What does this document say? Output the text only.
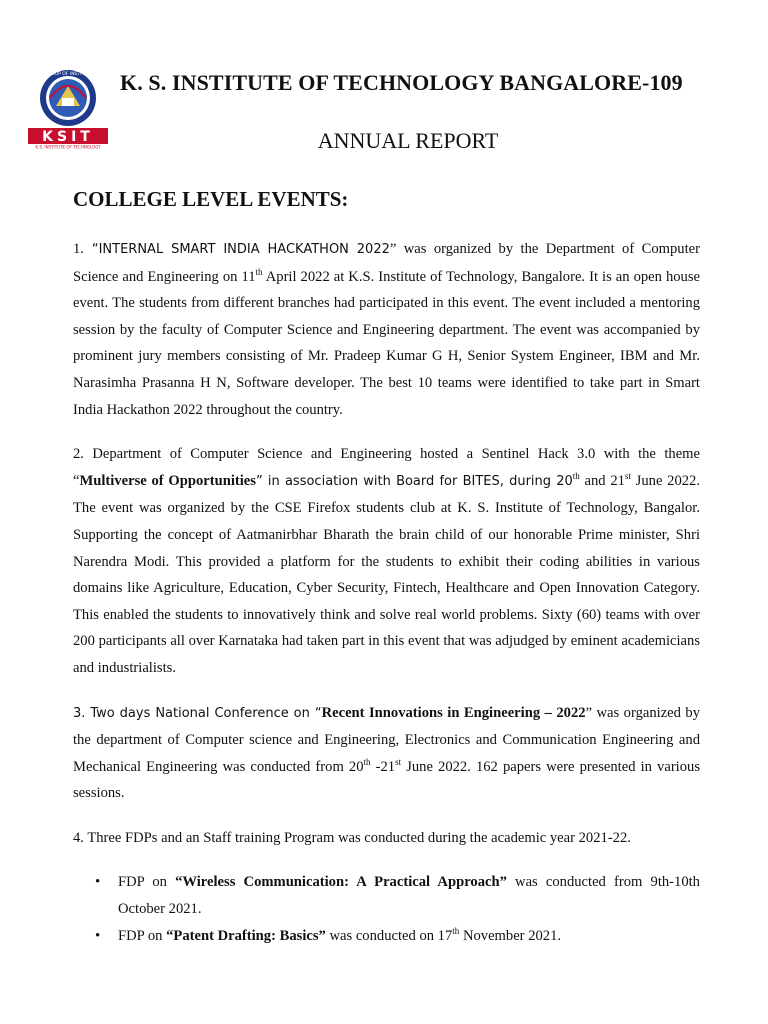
K.S. GROUP OF INSTITUTIONS
KSIT
K.S. INSTITUTE OF TECHNOLOGY
K. S. INSTITUTE OF TECHNOLOGY BANGALORE-109
ANNUAL REPORT
COLLEGE LEVEL EVENTS:

1. “INTERNAL SMART INDIA HACKATHON 2022” was organized by the Department of Computer Science and Engineering on 11th April 2022 at K.S. Institute of Technology, Bangalore. It is an open house event. The students from different branches had participated in this event. The event included a mentoring session by the faculty of Computer Science and Engineering department. The event was accompanied by prominent jury members consisting of Mr. Pradeep Kumar G H, Senior System Engineer, IBM and Mr. Narasimha Prasanna H N, Software developer. The best 10 teams were identified to take part in Smart India Hackathon 2022 throughout the country.

2. Department of Computer Science and Engineering hosted a Sentinel Hack 3.0 with the theme “Multiverse of Opportunities” in association with Board for BITES, during 20th and 21st June 2022. The event was organized by the CSE Firefox students club at K. S. Institute of Technology, Bangalor. Supporting the concept of Aatmanirbhar Bharath the brain child of our honorable Prime minister, Shri Narendra Modi. This provided a platform for the students to exhibit their coding abilities in various domains like Agriculture, Education, Cyber Security, Fintech, Healthcare and Open Innovation Category. This enabled the students to innovatively think and solve real world problems. Sixty (60) teams with over 200 participants all over Karnataka had taken part in this event that was adjudged by eminent academicians and industrialists.

3. Two days National Conference on “Recent Innovations in Engineering – 2022” was organized by the department of Computer science and Engineering, Electronics and Communication Engineering and Mechanical Engineering was conducted from 20th -21st June 2022. 162 papers were presented in various sessions.

4. Three FDPs and an Staff training Program was conducted during the academic year 2021-22.

• FDP on “Wireless Communication: A Practical Approach” was conducted from 9th-10th October 2021.
• FDP on “Patent Drafting: Basics” was conducted on 17th November 2021.
